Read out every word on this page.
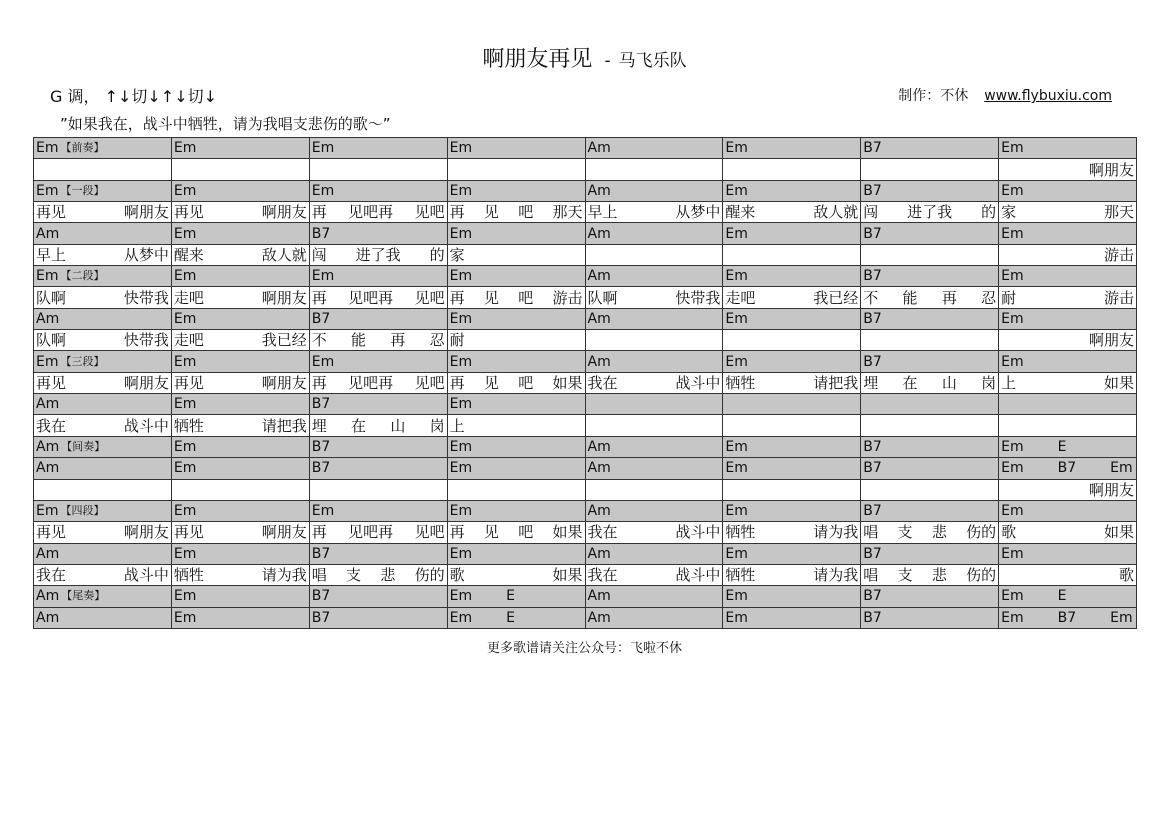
啊朋友再见 - 马飞乐队
G 调， ↑↓切↓↑↓切↓	制作：不休 www.flybuxiu.com
”如果我在，战斗中牺牲，请为我唱支悲伤的歌～”
Em 【前奏】	Em	Em	Em	Am	Em	B7	Em

							啊朋友

Em 【一段】	Em	Em	Em	Am	Em	B7	Em

再见 啊朋友	再见 啊朋友	再 见吧再 见吧	再 见 吧 那天	早上 从梦中	醒来 敌人就	闯 进了我 的	家 那天

Am	Em	B7	Em	Am	Em	B7	Em

早上 从梦中	醒来 敌人就	闯 进了我 的	家				游击

Em 【二段】	Em	Em	Em	Am	Em	B7	Em

队啊 快带我	走吧 啊朋友	再 见吧再 见吧	再 见 吧 游击	队啊 快带我	走吧 我已经	不 能 再 忍	耐 游击

Am	Em	B7	Em	Am	Em	B7	Em

队啊 快带我	走吧 我已经	不 能 再 忍	耐				啊朋友

Em 【三段】	Em	Em	Em	Am	Em	B7	Em

再见 啊朋友	再见 啊朋友	再 见吧再 见吧	再 见 吧 如果	我在 战斗中	牺牲 请把我	埋 在 山 岗	上 如果

Am	Em	B7	Em				

我在 战斗中	牺牲 请把我	埋 在 山 岗	上				

Am 【间奏】	Em	B7	Em	Am	Em	B7	Em E

Am	Em	B7	Em	Am	Em	B7	Em B7 Em

							啊朋友

Em 【四段】	Em	Em	Em	Am	Em	B7	Em

再见 啊朋友	再见 啊朋友	再 见吧再 见吧	再 见 吧 如果	我在 战斗中	牺牲 请为我	唱 支 悲 伤的	歌 如果

Am	Em	B7	Em	Am	Em	B7	Em

我在 战斗中	牺牲 请为我	唱 支 悲 伤的	歌 如果	我在 战斗中	牺牲 请为我	唱 支 悲 伤的	歌

Am 【尾奏】	Em	B7	Em E	Am	Em	B7	Em E

Am	Em	B7	Em E	Am	Em	B7	Em B7 Em
更多歌谱请关注公众号：飞啦不休
